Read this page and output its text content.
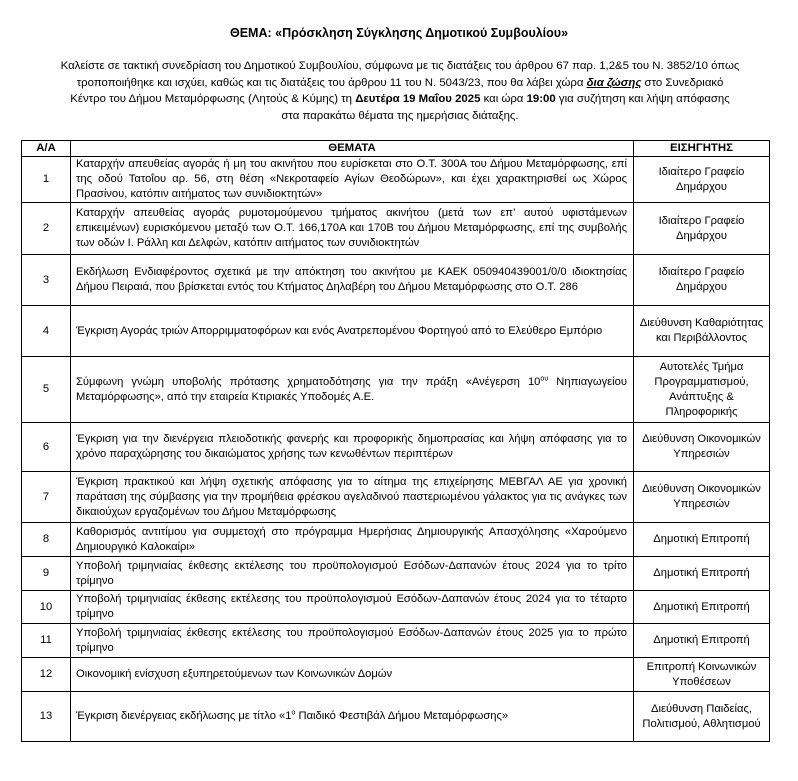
ΘΕΜΑ: «Πρόσκληση Σύγκλησης Δημοτικού Συμβουλίου»
Καλείστε σε τακτική συνεδρίαση του Δημοτικού Συμβουλίου, σύμφωνα με τις διατάξεις του άρθρου 67 παρ. 1,2&5 του Ν. 3852/10 όπως τροποποιήθηκε και ισχύει, καθώς και τις διατάξεις του άρθρου 11 του Ν. 5043/23, που θα λάβει χώρα δια ζώσης στο Συνεδριακό Κέντρο του Δήμου Μεταμόρφωσης (Λητούς & Κύμης) τη Δευτέρα 19 Μαΐου 2025 και ώρα 19:00 για συζήτηση και λήψη απόφασης στα παρακάτω θέματα της ημερήσιας διάταξης.
Α/Α	ΘΕΜΑΤΑ	ΕΙΣΗΓΗΤΗΣ
1	Καταρχήν απευθείας αγοράς ή μη του ακινήτου που ευρίσκεται στο Ο.Τ. 300Α του Δήμου Μεταμόρφωσης, επί της οδού Τατοΐου αρ. 56, στη θέση «Νεκροταφείο Αγίων Θεοδώρων», και έχει χαρακτηρισθεί ως Χώρος Πρασίνου, κατόπιν αιτήματος των συνιδιοκτητών»	Ιδιαίτερο Γραφείο Δημάρχου
2	Καταρχήν απευθείας αγοράς ρυμοτομούμενου τμήματος ακινήτου (μετά των επ’ αυτού υφιστάμενων επικειμένων) ευρισκόμενου μεταξύ των Ο.Τ. 166,170Α και 170Β του Δήμου Μεταμόρφωσης, επί της συμβολής των οδών Ι. Ράλλη και Δελφών, κατόπιν αιτήματος των συνιδιοκτητών	Ιδιαίτερο Γραφείο Δημάρχου
3	Εκδήλωση Ενδιαφέροντος σχετικά με την απόκτηση του ακινήτου με ΚΑΕΚ 050940439001/0/0 ιδιοκτησίας Δήμου Πειραιά, που βρίσκεται εντός του Κτήματος Δηλαβέρη του Δήμου Μεταμόρφωσης στο Ο.Τ. 286	Ιδιαίτερο Γραφείο Δημάρχου
4	Έγκριση Αγοράς τριών Απορριμματοφόρων και ενός Ανατρεπομένου Φορτηγού από το Ελεύθερο Εμπόριο	Διεύθυνση Καθαριότητας και Περιβάλλοντος
5	Σύμφωνη γνώμη υποβολής πρότασης χρηματοδότησης για την πράξη «Ανέγερση $10^{o\upsilon}$ Νηπιαγωγείου Μεταμόρφωσης», από την εταιρεία Κτιριακές Υποδομές Α.Ε.	Αυτοτελές Τμήμα Προγραμματισμού, Ανάπτυξης & Πληροφορικής
6	Έγκριση για την διενέργεια πλειοδοτικής φανερής και προφορικής δημοπρασίας και λήψη απόφασης για το χρόνο παραχώρησης του δικαιώματος χρήσης των κενωθέντων περιπτέρων	Διεύθυνση Οικονομικών Υπηρεσιών
7	Έγκριση πρακτικού και λήψη σχετικής απόφασης για το αίτημα της επιχείρησης ΜΕΒΓΑΛ ΑΕ για χρονική παράταση της σύμβασης για την προμήθεια φρέσκου αγελαδινού παστεριωμένου γάλακτος για τις ανάγκες των δικαιούχων εργαζομένων του Δήμου Μεταμόρφωσης	Διεύθυνση Οικονομικών Υπηρεσιών
8	Καθορισμός αντιτίμου για συμμετοχή στο πρόγραμμα Ημερήσιας Δημιουργικής Απασχόλησης «Χαρούμενο Δημιουργικό Καλοκαίρι»	Δημοτική Επιτροπή
9	Υποβολή τριμηνιαίας έκθεσης εκτέλεσης του προϋπολογισμού Εσόδων-Δαπανών έτους 2024 για το τρίτο τρίμηνο	Δημοτική Επιτροπή
10	Υποβολή τριμηνιαίας έκθεσης εκτέλεσης του προϋπολογισμού Εσόδων-Δαπανών έτους 2024 για το τέταρτο τρίμηνο	Δημοτική Επιτροπή
11	Υποβολή τριμηνιαίας έκθεσης εκτέλεσης του προϋπολογισμού Εσόδων-Δαπανών έτους 2025 για το πρώτο τρίμηνο	Δημοτική Επιτροπή
12	Οικονομική ενίσχυση εξυπηρετούμενων των Κοινωνικών Δομών	Επιτροπή Κοινωνικών Υποθέσεων
13	Έγκριση διενέργειας εκδήλωσης με τίτλο «$1^o$ Παιδικό Φεστιβάλ Δήμου Μεταμόρφωσης»	Διεύθυνση Παιδείας, Πολιτισμού, Αθλητισμού
